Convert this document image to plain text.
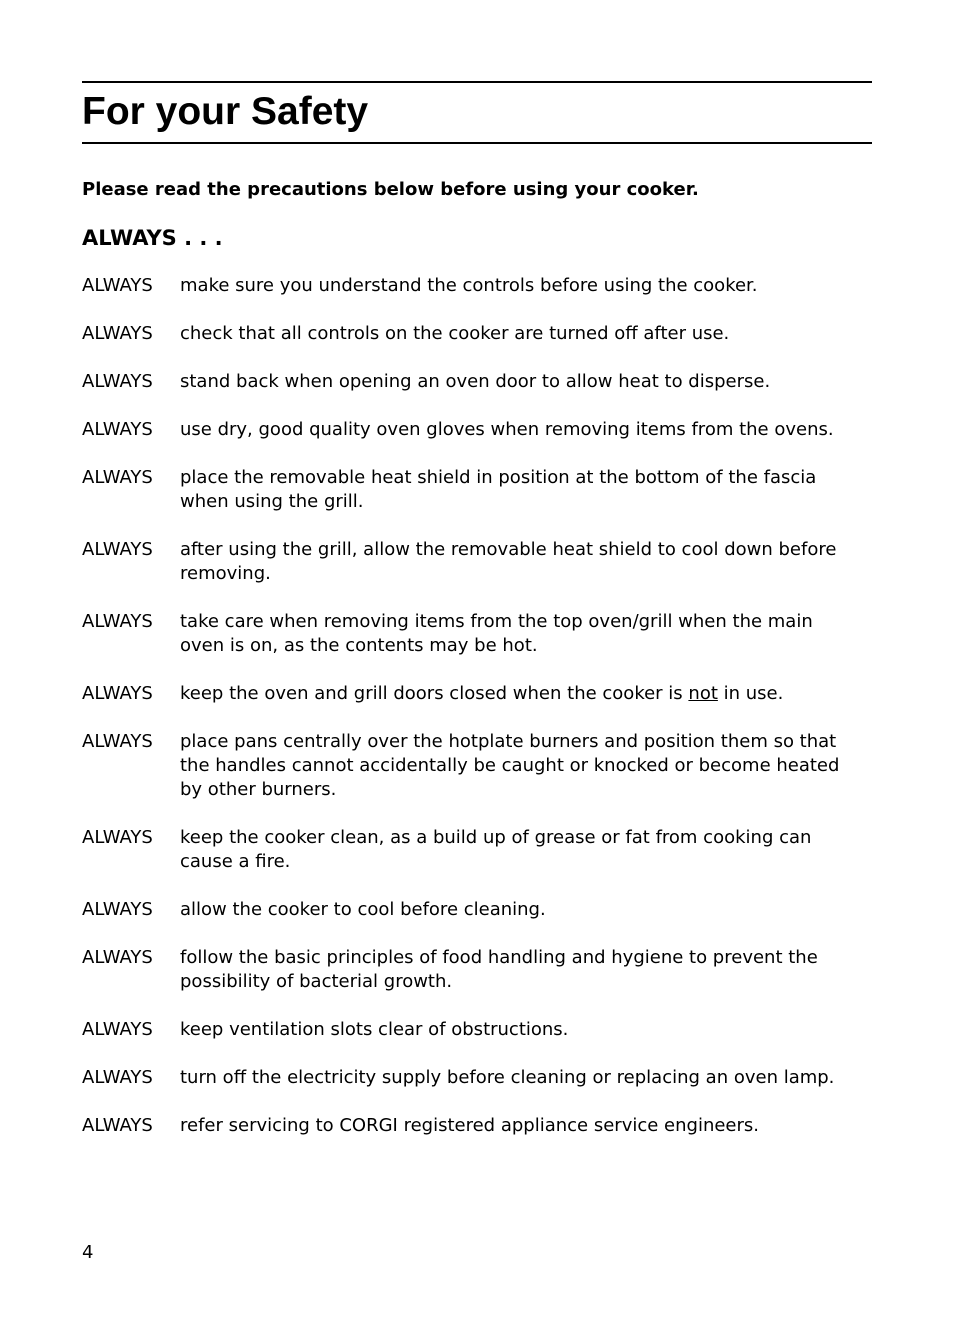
For your Safety

Please read the precautions below before using your cooker.

ALWAYS . . .
ALWAYS	make sure you understand the controls before using the cooker.
ALWAYS	check that all controls on the cooker are turned off after use.
ALWAYS	stand back when opening an oven door to allow heat to disperse.
ALWAYS	use dry, good quality oven gloves when removing items from the ovens.
ALWAYS	place the removable heat shield in position at the bottom of the fascia when using the grill.
ALWAYS	after using the grill, allow the removable heat shield to cool down before removing.
ALWAYS	take care when removing items from the top oven/grill when the main oven is on, as the contents may be hot.
ALWAYS	keep the oven and grill doors closed when the cooker is not in use.
ALWAYS	place pans centrally over the hotplate burners and position them so that the handles cannot accidentally be caught or knocked or become heated by other burners.
ALWAYS	keep the cooker clean, as a build up of grease or fat from cooking can cause a fire.
ALWAYS	allow the cooker to cool before cleaning.
ALWAYS	follow the basic principles of food handling and hygiene to prevent the possibility of bacterial growth.
ALWAYS	keep ventilation slots clear of obstructions.
ALWAYS	turn off the electricity supply before cleaning or replacing an oven lamp.
ALWAYS	refer servicing to CORGI registered appliance service engineers.
4
